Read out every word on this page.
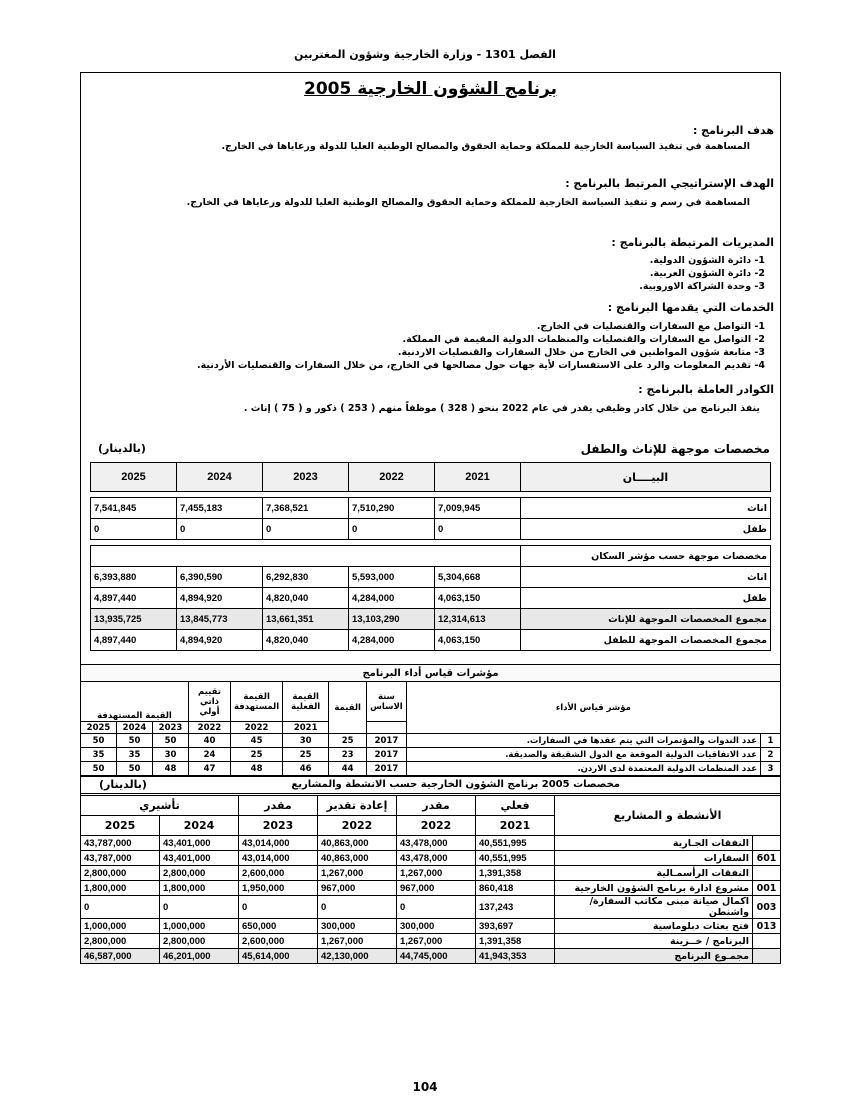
الفصل 1301 - وزارة الخارجية وشؤون المغتربين
2005 برنامج الشؤون الخارجية
هدف البرنامج :
المساهمة في تنفيذ السياسة الخارجية للمملكة وحماية الحقوق والمصالح الوطنية العليا للدولة ورعاياها في الخارج.
الهدف الإستراتيجي المرتبط بالبرنامج :
المساهمة في رسم و تنفيذ السياسة الخارجية للمملكة وحماية الحقوق والمصالح الوطنية العليا للدولة ورعاياها في الخارج.
المديريات المرتبطة بالبرنامج :
1- دائرة الشؤون الدولية.
2- دائرة الشؤون العربية.
3- وحدة الشراكة الاوروبية.
الخدمات التي يقدمها البرنامج :
1- التواصل مع السفارات والقنصليات في الخارج.
2- التواصل مع السفارات والقنصليات والمنظمات الدولية المقيمة في المملكة.
3- متابعة شؤون المواطنين في الخارج من خلال السفارات والقنصليات الاردنية.
4- تقديم المعلومات والرد على الاستفسارات لأية جهات حول مصالحها في الخارج، من خلال السفارات والقنصليات الأردنية.
الكوادر العاملة بالبرنامج :
ينفذ البرنامج من خلال كادر وظيفي يقدر في عام 2022 بنحو ( 328 ) موظفاً منهم ( 253 ) ذكور و ( 75 ) إناث .
مخصصات موجهة للإناث والطفل
(بالدينار)
2025	2024	2023	2022	2021	البيــــان

7,541,845	7,455,183	7,368,521	7,510,290	7,009,945	اناث
0	0	0	0	0	طفل

					مخصصات موجهة حسب مؤشر السكان
6,393,880	6,390,590	6,292,830	5,593,000	5,304,668	اناث
4,897,440	4,894,920	4,820,040	4,284,000	4,063,150	طفل
13,935,725	13,845,773	13,661,351	13,103,290	12,314,613	مجموع المخصصات الموجهة للإناث
4,897,440	4,894,920	4,820,040	4,284,000	4,063,150	مجموع المخصصات الموجهة للطفل
مؤشرات قياس أداء البرنامج									
القيمة المستهدفة			تقييم ذاتي أولي	القيمة المستهدفة	القيمة الفعلية	القيمة	سنة الاساس	مؤشر قياس الأداء	
2025	2024	2023	2022	2022	2021				
50	50	50	40	45	30	25	2017	عدد الندوات والمؤتمرات التي يتم عقدها في السفارات.	1
35	35	30	24	25	25	23	2017	عدد الاتفاقيات الدولية الموقعة مع الدول الشقيقة والصديقة.	2
50	50	48	47	48	46	44	2017	عدد المنظمات الدولية المعتمدة لدى الاردن.	3
مخصصات 2005 برنامج الشؤون الخارجية حسب الانشطة والمشاريع
(بالدينار)
تأشيري		مقدر	إعادة تقدير	مقدر	فعلي	الأنشطة و المشاريع	
2025	2024	2023	2022	2022	2021		
43,787,000	43,401,000	43,014,000	40,863,000	43,478,000	40,551,995	النفقات الجـارية	
43,787,000	43,401,000	43,014,000	40,863,000	43,478,000	40,551,995	السفارات	601
2,800,000	2,800,000	2,600,000	1,267,000	1,267,000	1,391,358	النفقات الرأسمـالية	
1,800,000	1,800,000	1,950,000	967,000	967,000	860,418	مشروع ادارة برنامج الشؤون الخارجية	001
0	0	0	0	0	137,243	اكمال صيانة مبنى مكاتب السفارة/واشنطن	003
1,000,000	1,000,000	650,000	300,000	300,000	393,697	فتح بعثات دبلوماسية	013
2,800,000	2,800,000	2,600,000	1,267,000	1,267,000	1,391,358	البرنامج / خــزينة	
46,587,000	46,201,000	45,614,000	42,130,000	44,745,000	41,943,353	مجمـوع البرنامج	
104
